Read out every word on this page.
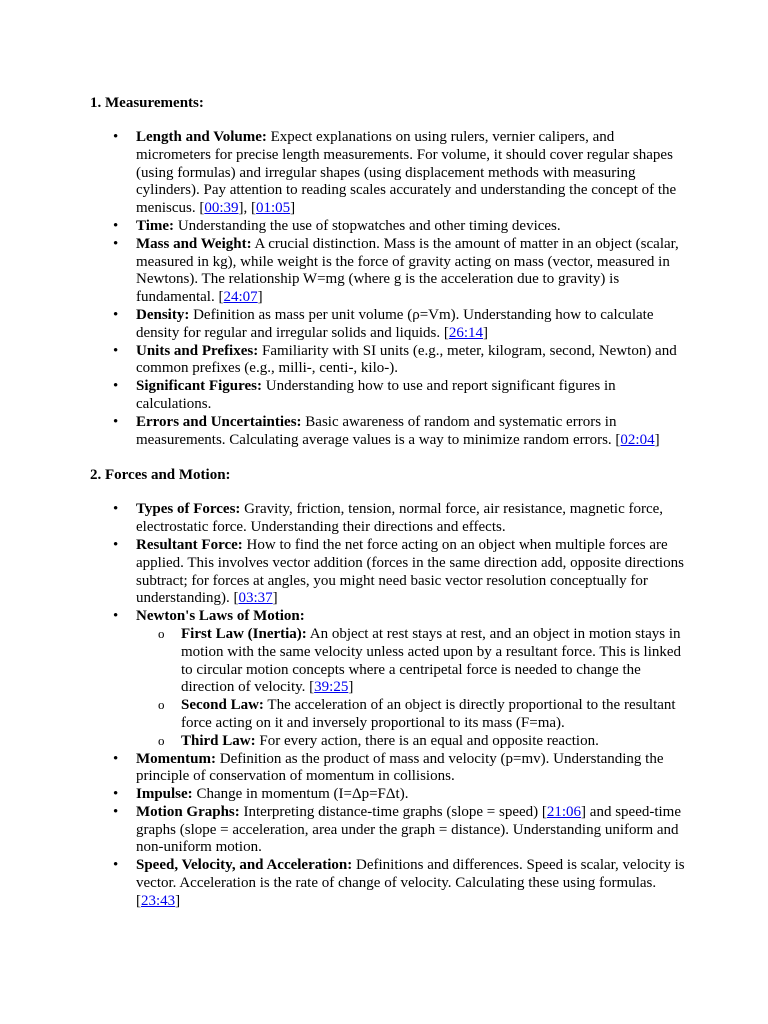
1. Measurements:
• Length and Volume: Expect explanations on using rulers, vernier calipers, and micrometers for precise length measurements. For volume, it should cover regular shapes (using formulas) and irregular shapes (using displacement methods with measuring cylinders). Pay attention to reading scales accurately and understanding the concept of the meniscus. [00:39], [01:05]
• Time: Understanding the use of stopwatches and other timing devices.
• Mass and Weight: A crucial distinction. Mass is the amount of matter in an object (scalar, measured in kg), while weight is the force of gravity acting on mass (vector, measured in Newtons). The relationship W=mg (where g is the acceleration due to gravity) is fundamental. [24:07]
• Density: Definition as mass per unit volume (ρ=Vm). Understanding how to calculate density for regular and irregular solids and liquids. [26:14]
• Units and Prefixes: Familiarity with SI units (e.g., meter, kilogram, second, Newton) and common prefixes (e.g., milli-, centi-, kilo-).
• Significant Figures: Understanding how to use and report significant figures in calculations.
• Errors and Uncertainties: Basic awareness of random and systematic errors in measurements. Calculating average values is a way to minimize random errors. [02:04]
2. Forces and Motion:
• Types of Forces: Gravity, friction, tension, normal force, air resistance, magnetic force, electrostatic force. Understanding their directions and effects.
• Resultant Force: How to find the net force acting on an object when multiple forces are applied. This involves vector addition (forces in the same direction add, opposite directions subtract; for forces at angles, you might need basic vector resolution conceptually for understanding). [03:37]
• Newton's Laws of Motion:
o First Law (Inertia): An object at rest stays at rest, and an object in motion stays in motion with the same velocity unless acted upon by a resultant force. This is linked to circular motion concepts where a centripetal force is needed to change the direction of velocity. [39:25]
o Second Law: The acceleration of an object is directly proportional to the resultant force acting on it and inversely proportional to its mass (F=ma).
o Third Law: For every action, there is an equal and opposite reaction.
• Momentum: Definition as the product of mass and velocity (p=mv). Understanding the principle of conservation of momentum in collisions.
• Impulse: Change in momentum (I=Δp=FΔt).
• Motion Graphs: Interpreting distance-time graphs (slope = speed) [21:06] and speed-time graphs (slope = acceleration, area under the graph = distance). Understanding uniform and non-uniform motion.
• Speed, Velocity, and Acceleration: Definitions and differences. Speed is scalar, velocity is vector. Acceleration is the rate of change of velocity. Calculating these using formulas. [23:43]
